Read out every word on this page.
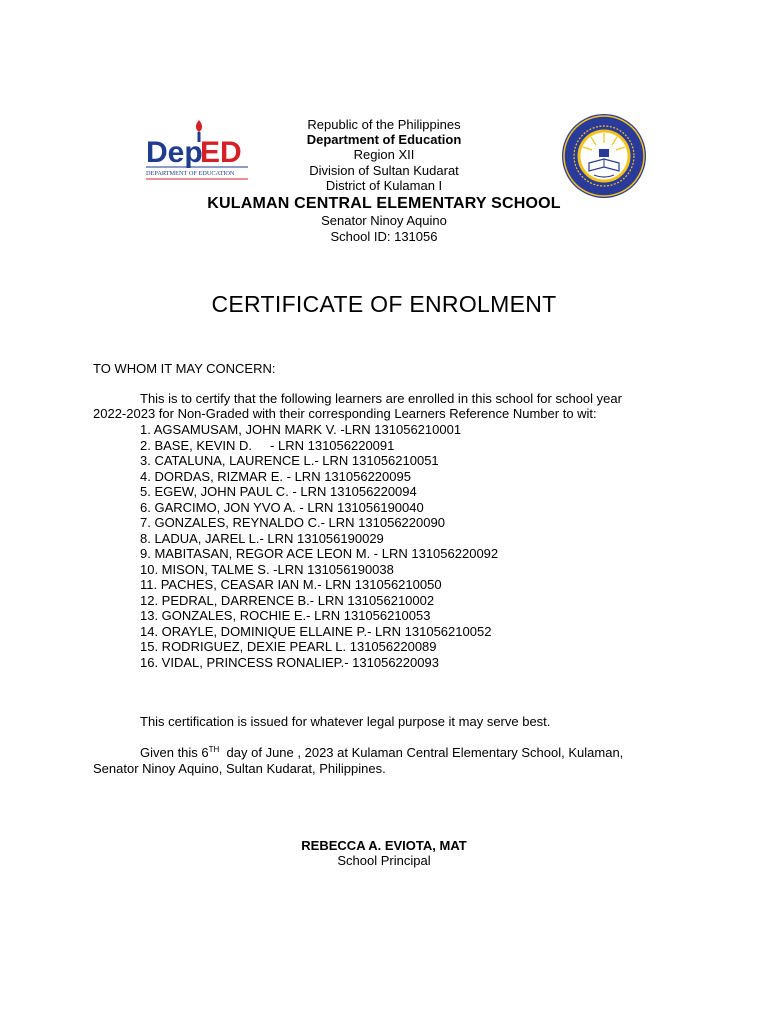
Dep
ED
DEPARTMENT OF EDUCATION
Republic of the Philippines
Department of Education
Region XII
Division of Sultan Kudarat
District of Kulaman I
KULAMAN CENTRAL ELEMENTARY SCHOOL
Senator Ninoy Aquino
School ID: 131056
CERTIFICATE OF ENROLMENT
TO WHOM IT MAY CONCERN:
This is to certify that the following learners are enrolled in this school for school year
2022-2023 for Non-Graded with their corresponding Learners Reference Number to wit:
1. AGSAMUSAM, JOHN MARK V. -LRN 131056210001
2. BASE, KEVIN D.     - LRN 131056220091
3. CATALUNA, LAURENCE L.- LRN 131056210051
4. DORDAS, RIZMAR E. - LRN 131056220095
5. EGEW, JOHN PAUL C. - LRN 131056220094
6. GARCIMO, JON YVO A. - LRN 131056190040
7. GONZALES, REYNALDO C.- LRN 131056220090
8. LADUA, JAREL L.- LRN 131056190029
9. MABITASAN, REGOR ACE LEON M. - LRN 131056220092
10. MISON, TALME S. -LRN 131056190038
11. PACHES, CEASAR IAN M.- LRN 131056210050
12. PEDRAL, DARRENCE B.- LRN 131056210002
13. GONZALES, ROCHIE E.- LRN 131056210053
14. ORAYLE, DOMINIQUE ELLAINE P.- LRN 131056210052
15. RODRIGUEZ, DEXIE PEARL L. 131056220089
16. VIDAL, PRINCESS RONALIEP.- 131056220093
This certification is issued for whatever legal purpose it may serve best.
Given this 6TH  day of June , 2023 at Kulaman Central Elementary School, Kulaman,
Senator Ninoy Aquino, Sultan Kudarat, Philippines.
REBECCA A. EVIOTA, MAT
School Principal
